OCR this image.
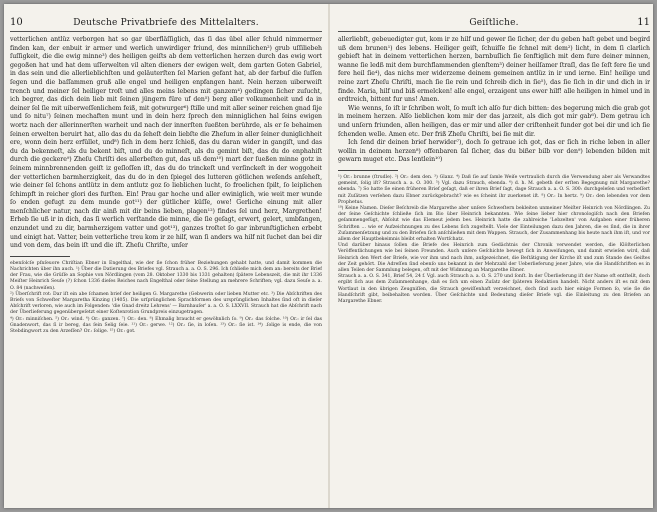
10	Deutsche Privatbriefe des Mittelalters.

vetterlichen antlüz verborgen hat so gar überfläſſiglich, das ſi das übel aller ſchuld nimmermer finden kan, der enbuit ir armer und werlich unwirdiger friund, des minnilichen²) grub uſſiliebeh ſuſſigkeit, die die ewig minne³) des heiligen geiſts ab dem vetterlichen herzen durch das ewig wort gegoßen hat und hat dem uſſerwelten vil alten dieners der ewigen welt, dem garten Goten Gabriel, in das sein und die allerlieblichſten und geläuterſten ſel Marien gefant hat, ab der farbuſ die ſuſſen ſegen und die baſſammen gruß alle engel und heiligen enpfangen hant. Nein herzen uiberweiſt trench und meiner ſel heiliger troſt und alles meins lebens mit ganzem⁴) gedingen ſicher zuſucht, ich begrer, das dich dein lieb mit ſeinen jüngern füre uf den⁵) berg aller volkumenheit und da in deiner ſel ſie mit uiberweſſenlichem feiß, mit gotwurger⁶) ſtille und mit aller seiner reichen gnad ſije und ſo nitu⁷) ſeinen mechaften munt und in dein herz ſprech den minniglichen hal ſeins ewigen wortz nach der allerinnerſten warheit und nach der innerſten ſueßten berührde, als er ſe behaimen ſeinen erwelten beruirt hat, allo das du da ſeheſt dein liebſte die Zheſum in aller ſeiner duniglichheit ere, wonn dein herz erfüllet, und⁸) ſich in dem herz ſchieß, das du daran wider in gangiſt, und das du da bekenneſt, als du bekent biſt, und du do minneſt, als du gemint biſt, das du do enphahiſt durch die geckere⁹) Zheſu Chriſti des allerbeſten gut, das uß dem¹⁰) mart der ſueßen minne gotz in ſeinem minnbrennenden geiſt iz geſloſſen iſt, das du do trinckeſt und verſinckeſt in der woggoheit der vetterlichen barmherzigkeit, das du do in den ſpiegel des lutteren götlichen weſends anſeheſt, wie deiner ſel ſchons antlütz in dem antlutz goz ſo lieblichen lucht, ſo froelichen ſpilt, ſo leiplichen ſchimpft in reicher glori des furſten. Ein! Prau gar hoche und aller ewiniglich, wie weit mer wunde ſo enden gefugt zu dem munde got¹¹) der gütlicher küſſe, owe! Gerliche einung mit aller menſchlicher natur, nach dir ainß mit dir beins lieben, plagen¹²) findes ſel und herz, Margrethen! Erheb ſie uß ir in dich, das ſi werlich verſtande die minne, die ſie geſagt, erwert, gelert, umbfangen, enzundet und zu dir, barmherzigem vatter und got¹³), ganzes troſtet ſo gar inbrunſtiglichen erbebt und einigt hat. Vatter, bein vetterliche treu kom ir ze hilf, wan ſi anders wa hilf nit ſuchet dan bei dir und von dem, das bein iſt und die iſt. Zheſu Chriſte, unſer

ebenſolcſe pſnſeuore Chriſtian Ebner in Engelthal, wie der ſie ſchon früher Beziehungen gehabt hatte, und damit kommen die Nachrichten über ihn auch. ¹) Über die Datierung des Briefes vgl. Strauch a. a. O. S. 296. Ich ſchließe mich dem an: bereits der Brief der Frau, wie die Grüſſe an Sophie von Nördlingen (vom 28. Oktober 1330 bis 1331 gehalten) ſpätere Lebenszeit, die mit ihr 1336 Meiſter Heinrich Seuſe (?) ſchon 1336 dieſes Reiches nach Engelthal oder ſeine Stellung an mehrere Schriften; vgl. dazu Seuſe a. a. O. 84 (nachweiſen).

²) Überſchrift rot: Dar iſt ein abe ſchamen brief der heiligen G. Margarethe (Gebwerin oder lieben Mutter etc. ³) Die Abſchriften des Briefs von Schweſter Margaretha Kinzing (1405). Die urſprünglichen Sprachformen des ursprünglichen Inhaltes ſind oft in dieſer Abſchrift verloren, wie auch im Folgenden: 'die Gnad dreitz Lehrens' — Barnhauſer' a. a. O. S. LXXVII. Strauch hat die Abſchrift nach der Überlieferung gegenübergeſetzt einer Koſtenrotion Grundpreis einzugetragen.

⁴) Or.: minniſchen. ⁵) Or.: wind. ⁶) Or.: ganzen. ⁷) Or.: den. ⁸) Ehmalig braucht er gewöhnlich ſo. ⁹) Or.: das ſolche. ¹⁰) Or.: ir ſel das Gnadenwort, das ſi ir bereg, das ſein Selig ſeie. ¹¹) Or.: gerwe. ¹²) Or.: ſie, in loſen. ¹³) Or.: ſie ist. ¹⁴) .ſolige is ende, die von Stebdingwort zu den Arzeſſen? Or.: ſolige. ¹⁵) Or.: got.

11
Geiſtliche.

allerliebſt, gebeuedigter gut, kom ir ze hilf und gewer ſie ſicher, der du geben haſt gebet und begird uß dem brunen¹) des lebens. Heiliger geiſt, ſchuiſſe ſie ſchnel mit dem²) licht, in dem ſi clarlich gebieft hat in deinem vetterlichen herzen, barnbuſlich ſie ſenftiglich mit dem fure deiner minnen, wanne ſie ledß mit dem burchflammenden glenſtem³) deiner heilſamer ſtraſl, das ſie ſeſt fere ſie und fere heil ſie⁴), das nichs mer widerzeme deinem gemeinen antlüz in ir und ierne. Ein! heilige und reine zart Zheſu Chriſti, mach ſie ſie rein und ſchreib dich in ſie⁵), das ſie ſich in dir und dich in ir finde. Maria, hilf und biß ermelcken! alle engel, erzaigent uns ewer hilf! alle heiligen in himel und in erdtreich, bittent fur uns! Amen.

Wie wenns, ſo iſt ir ſchriben wolt, ſo muſt ich alſo fur dich bitten: des begerung mich die grab got in meinem herzen. Alſo lieblichen kom mir der das jarzeit, als dich got mir gab⁶). Dem getrau ich und unſern friunden, allen heiligen, das er mir und aller der criſtenheit funder got bei dir und ich ſie ſchenden welle. Amen etc. Der friß Zheſu Chriſti, bei ſie mit dir.

Ich ſend dir deinen brief herwider⁷), doch ſo getraue ich got, das er ſich in riche leben in aller wollin in deinem herzen⁸) offenbaren ſal ſicher, das du bißer bilb vor den⁹) lebenden bilden mit gewarn muget etc. Das lentlein¹⁰)

¹) Or.: brunne (ſtrudle). ²) Or.: dem den. ³) Glanz. ⁴) Daß ſie auf ſamle Weiſe vertraulich durch die Verwendung aber als Verwandtes gemeint, ſolig iſt? Strauch a. a. O. 300. ⁵) Vgl. dazu Strauch, ebenda. ⁶) d. h. M. gebeth der erſten Begegnung mit Margarethe? ebenda. ⁷) So hatte ſie einen früheren Brief geſagt, daß er ihren Brief ſagt, dage Strauch a. a. O. S. 300: durchgeleſen und verbeſſert mit Zuſätzen verſehen dazu Ebner zurückgebracht? wie es ſcheint ihr zuerkenet iſt. ⁸) Or.: In hertz. ⁹) Or.: den lebenden vor dem Prophetus.

¹⁰) Keine Namen. Dieſer Beſchreib die Margarethe aber unſere Schweſtern bekleiten unmeiner Meiſter Heinrich von Nördlingen. Zu der ſeine Geſchichte ſchließe ſich im Bio über Heinrich bekannten. Wie ſeine lieber hier chronologiſch nach den Briefen geſammengefügt, Abſolut wie das Elemeut jedem bes. Heinrich hatte die zahlreiche 'Lebzelten' von Aufgaben einer früheren Schriften ... wie er Aufzeichnungen zu des Lebens ſich zugeſtellt. Viele der Einteilungen dazu den Jahren, die es ſind, die in ihrer Zuſammenſetzung und zu den Briefen ſich anſchließen mit dem Wappen. Strauch, der Zusammenhang bis heute nach ihm iſt, und vor allem der Hauptbekeimnis bleibt erhalten Wortſchatz.

Und darüber hinaus ſollen die Briefe des Heinrich zum Gedächtnis der Chronik verwendet werden, die Klöſterlichen Veröffentlichungen wie bei ſeinen Freunden. Auch unſere Geſchichte bewegt ſich in Anweiſungen, und damit erwieſen wird, daß Heinrich den Wert der Briefe, wie vor ihm und nach ihm, aufgezeichnet, die Beſtätigung der Kirche iſt und zum Stande des Geiſtes der Zeit gehört. Die Adreſſen ſind ebenſo uns bekannt in der Mehrzahl der Ueberlieferung jener Jahre, wie die Handſchriften es in allen Teilen der Sammlung belegen, oft mit der Widmung an Margarethe Ebner.

Strauch a. a. O. S. 341, Brief 54, 24 f. Vgl. auch Strauch a. a. O. S. 270 und ſonſt. In der Überlieferung iſt der Name oft entſtellt, doch ergibt ſich aus dem Zuſammenhange, daß es ſich um einen Zuſatz der ſpäteren Redaktion handelt. Nicht anders iſt es mit dem Wortlaut in den übrigen Zeugniſſen, die Strauch gewiſſenhaft verzeichnet, doch ſind auch hier einige Formen ſo, wie ſie die Handſchrift gibt, beibehalten worden. Über Geſchichte und Bedeutung dieſer Briefe vgl. die Einleitung zu den Briefen an Margarethe Ebner.
